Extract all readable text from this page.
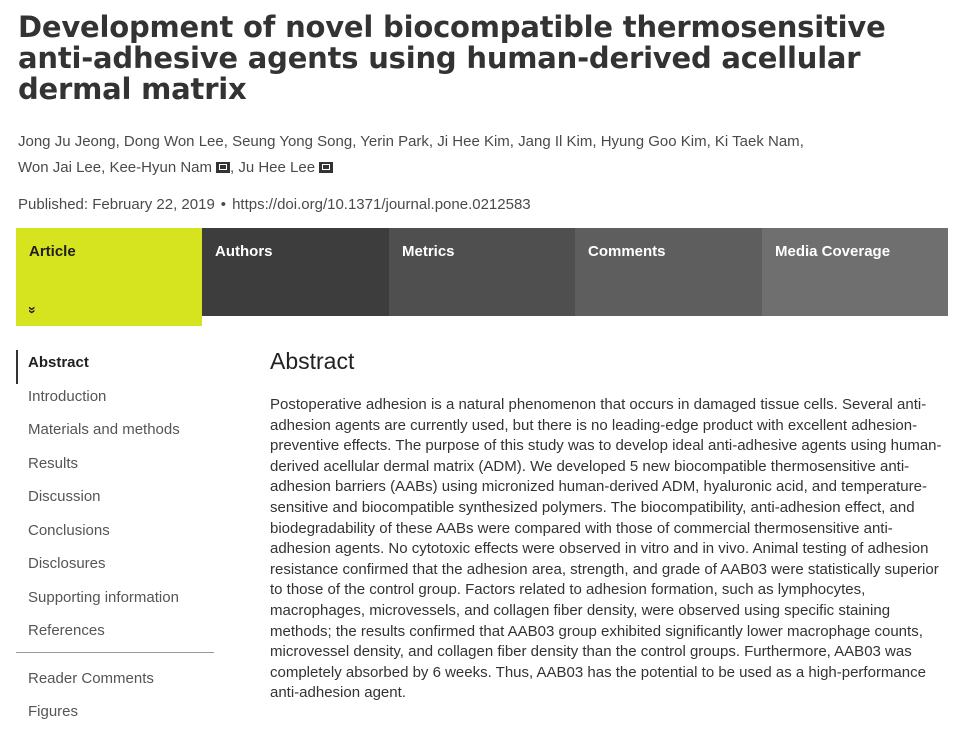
Development of novel biocompatible thermosensitive anti-adhesive agents using human-derived acellular dermal matrix
Jong Ju Jeong, Dong Won Lee, Seung Yong Song, Yerin Park, Ji Hee Kim, Jang Il Kim, Hyung Goo Kim, Ki Taek Nam,
Won Jai Lee, Kee-Hyun Nam , Ju Hee Lee
Published: February 22, 2019 • https://doi.org/10.1371/journal.pone.0212583
Article
»
Authors	Metrics	Comments	Media Coverage
Abstract
Introduction
Materials and methods
Results
Discussion
Conclusions
Disclosures
Supporting information
References
Reader Comments
Figures
Abstract

Postoperative adhesion is a natural phenomenon that occurs in damaged tissue cells. Several anti-adhesion agents are currently used, but there is no leading-edge product with excellent adhesion-preventive effects. The purpose of this study was to develop ideal anti-adhesive agents using human-derived acellular dermal matrix (ADM). We developed 5 new biocompatible thermosensitive anti-adhesion barriers (AABs) using micronized human-derived ADM, hyaluronic acid, and temperature-sensitive and biocompatible synthesized polymers. The biocompatibility, anti-adhesion effect, and biodegradability of these AABs were compared with those of commercial thermosensitive anti-adhesion agents. No cytotoxic effects were observed in vitro and in vivo. Animal testing of adhesion resistance confirmed that the adhesion area, strength, and grade of AAB03 were statistically superior to those of the control group. Factors related to adhesion formation, such as lymphocytes, macrophages, microvessels, and collagen fiber density, were observed using specific staining methods; the results confirmed that AAB03 group exhibited significantly lower macrophage counts, microvessel density, and collagen fiber density than the control groups. Furthermore, AAB03 was completely absorbed by 6 weeks. Thus, AAB03 has the potential to be used as a high-performance anti-adhesion agent.
